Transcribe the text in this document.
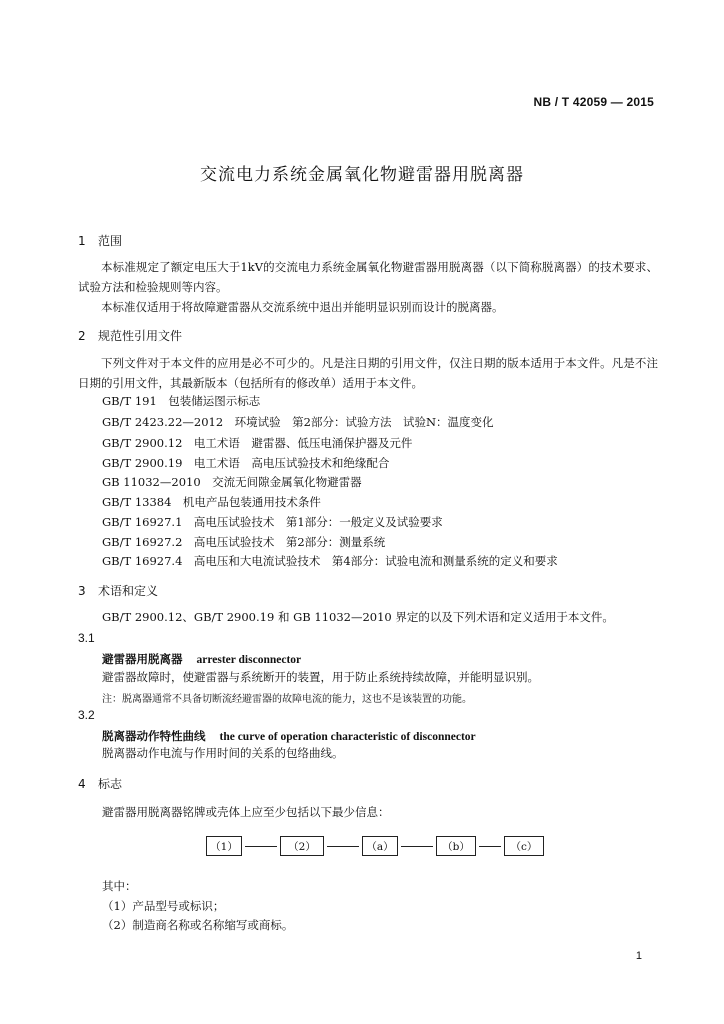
NB / T 42059 — 2015
交流电力系统金属氧化物避雷器用脱离器
1 范围
本标准规定了额定电压大于1kV的交流电力系统金属氧化物避雷器用脱离器（以下简称脱离器）的技术要求、试验方法和检验规则等内容。
本标准仅适用于将故障避雷器从交流系统中退出并能明显识别而设计的脱离器。
2 规范性引用文件
下列文件对于本文件的应用是必不可少的。凡是注日期的引用文件，仅注日期的版本适用于本文件。凡是不注日期的引用文件，其最新版本（包括所有的修改单）适用于本文件。
GB/T 191　包装储运图示标志
GB/T 2423.22—2012　环境试验　第2部分：试验方法　试验N：温度变化
GB/T 2900.12　电工术语　避雷器、低压电涌保护器及元件
GB/T 2900.19　电工术语　高电压试验技术和绝缘配合
GB 11032—2010　交流无间隙金属氧化物避雷器
GB/T 13384　机电产品包装通用技术条件
GB/T 16927.1　高电压试验技术　第1部分：一般定义及试验要求
GB/T 16927.2　高电压试验技术　第2部分：测量系统
GB/T 16927.4　高电压和大电流试验技术　第4部分：试验电流和测量系统的定义和要求
3 术语和定义
GB/T 2900.12、GB/T 2900.19 和 GB 11032—2010 界定的以及下列术语和定义适用于本文件。
3.1
避雷器用脱离器 arrester disconnector
避雷器故障时，使避雷器与系统断开的装置，用于防止系统持续故障，并能明显识别。
注：脱离器通常不具备切断流经避雷器的故障电流的能力，这也不是该装置的功能。
3.2
脱离器动作特性曲线 the curve of operation characteristic of disconnector
脱离器动作电流与作用时间的关系的包络曲线。
4 标志
避雷器用脱离器铭牌或壳体上应至少包括以下最少信息：
（1）	（2）	（a）	（b）	（c）
其中：
（1）产品型号或标识；
（2）制造商名称或名称缩写或商标。
1
